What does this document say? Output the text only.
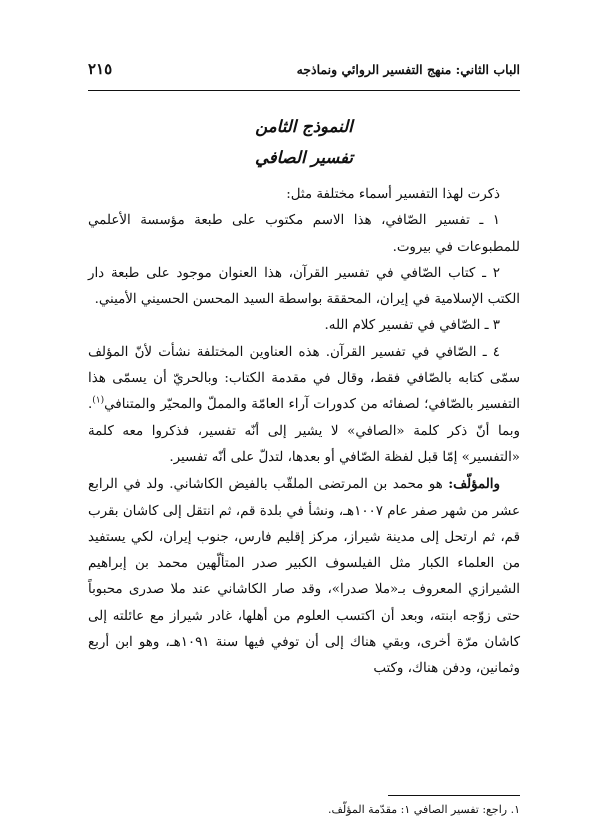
الباب الثاني: منهج التفسير الروائي ونماذجه
٢١٥
النموذج الثامن
تفسير الصافي

ذكرت لهذا التفسير أسماء مختلفة مثل:

١ ـ تفسير الصّافي، هذا الاسم مكتوب على طبعة مؤسسة الأعلمي للمطبوعات في بيروت.

٢ ـ كتاب الصّافي في تفسير القرآن، هذا العنوان موجود على طبعة دار الكتب الإسلامية في إيران، المحققة بواسطة السيد المحسن الحسيني الأميني.

٣ ـ الصّافي في تفسير كلام الله.

٤ ـ الصّافي في تفسير القرآن. هذه العناوين المختلفة نشأت لأنّ المؤلف سمّى كتابه بالصّافي فقط، وقال في مقدمة الكتاب: وبالحريّ أن يسمّى هذا التفسير بالصّافي؛ لصفائه من كدورات آراء العامّة والمملّ والمحيّر والمتنافي$^{(١)}$. وبما أنّ ذكر كلمة «الصافي» لا يشير إلى أنّه تفسير، فذكروا معه كلمة «التفسير» إمّا قبل لفظة الصّافي أو بعدها، لتدلّ على أنّه تفسير.

والمؤلّف: هو محمد بن المرتضى الملقّب بالفيض الكاشاني. ولد في الرابع عشر من شهر صفر عام ١٠٠٧هـ، ونشأ في بلدة قم، ثم انتقل إلى كاشان بقرب قم، ثم ارتحل إلى مدينة شيراز، مركز إقليم فارس، جنوب إيران، لكي يستفيد من العلماء الكبار مثل الفيلسوف الكبير صدر المتألّهين محمد بن إبراهيم الشيرازي المعروف بـ«ملا صدرا»، وقد صار الكاشاني عند ملا صدرى محبوباً حتى زوّجه ابنته، وبعد أن اكتسب العلوم من أهلها، غادر شيراز مع عائلته إلى كاشان مرّة أخرى، وبقي هناك إلى أن توفي فيها سنة ١٠٩١هـ، وهو ابن أربع وثمانين، ودفن هناك، وكتب

١. راجع: تفسير الصافي ١: مقدّمة المؤلّف.
